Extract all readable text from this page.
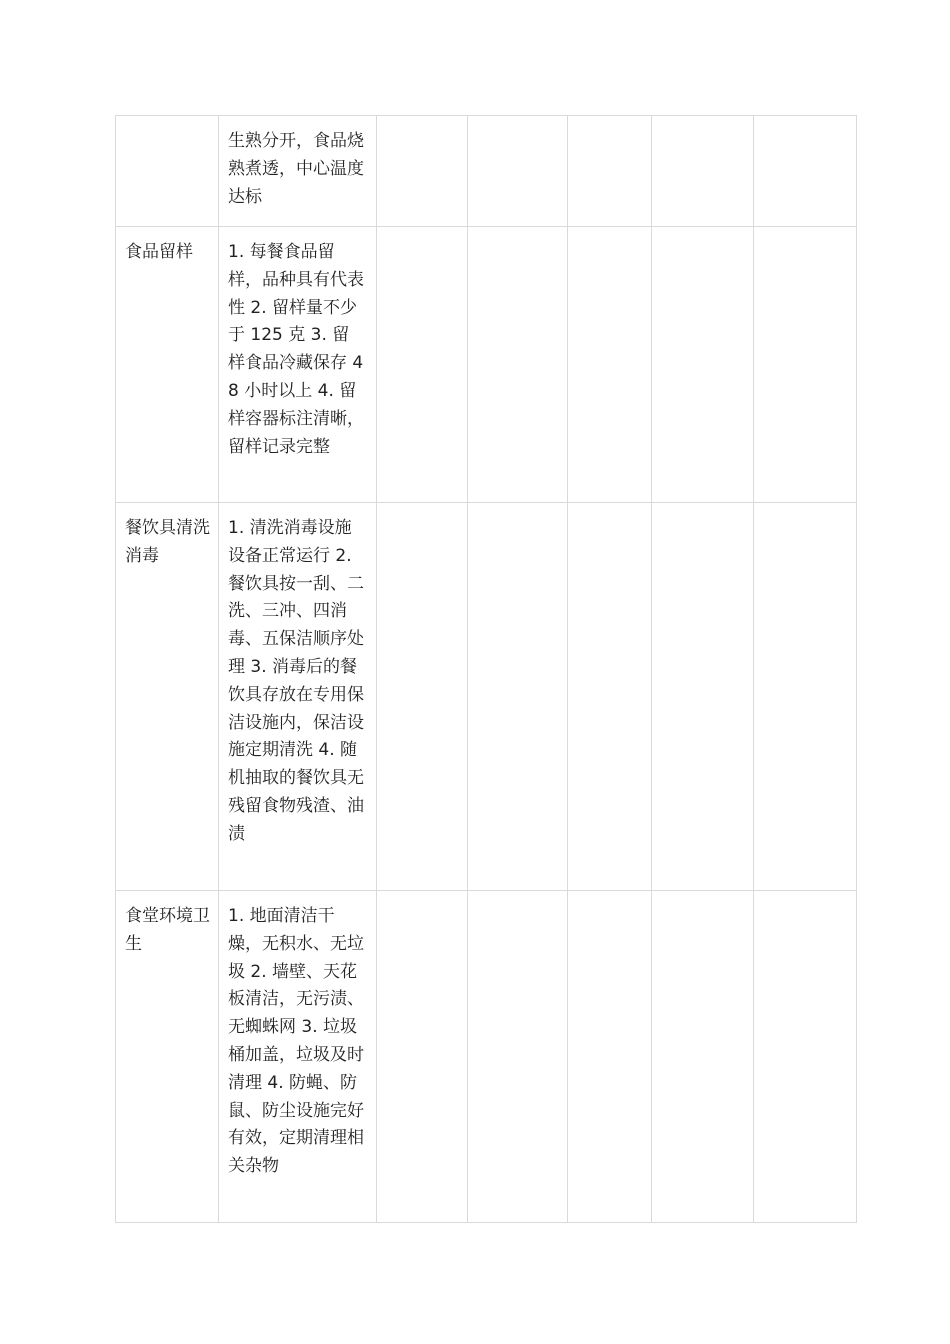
	生熟分开，食品烧熟煮透，中心温度达标					
食品留样	1. 每餐食品留样，品种具有代表性 2. 留样量不少于 125 克 3. 留样食品冷藏保存 48 小时以上 4. 留样容器标注清晰，留样记录完整					
餐饮具清洗消毒	1. 清洗消毒设施设备正常运行 2. 餐饮具按一刮、二洗、三冲、四消毒、五保洁顺序处理 3. 消毒后的餐饮具存放在专用保洁设施内，保洁设施定期清洗 4. 随机抽取的餐饮具无残留食物残渣、油渍					
食堂环境卫生	1. 地面清洁干燥，无积水、无垃圾 2. 墙壁、天花板清洁，无污渍、无蜘蛛网 3. 垃圾桶加盖，垃圾及时清理 4. 防蝇、防鼠、防尘设施完好有效，定期清理相关杂物					
